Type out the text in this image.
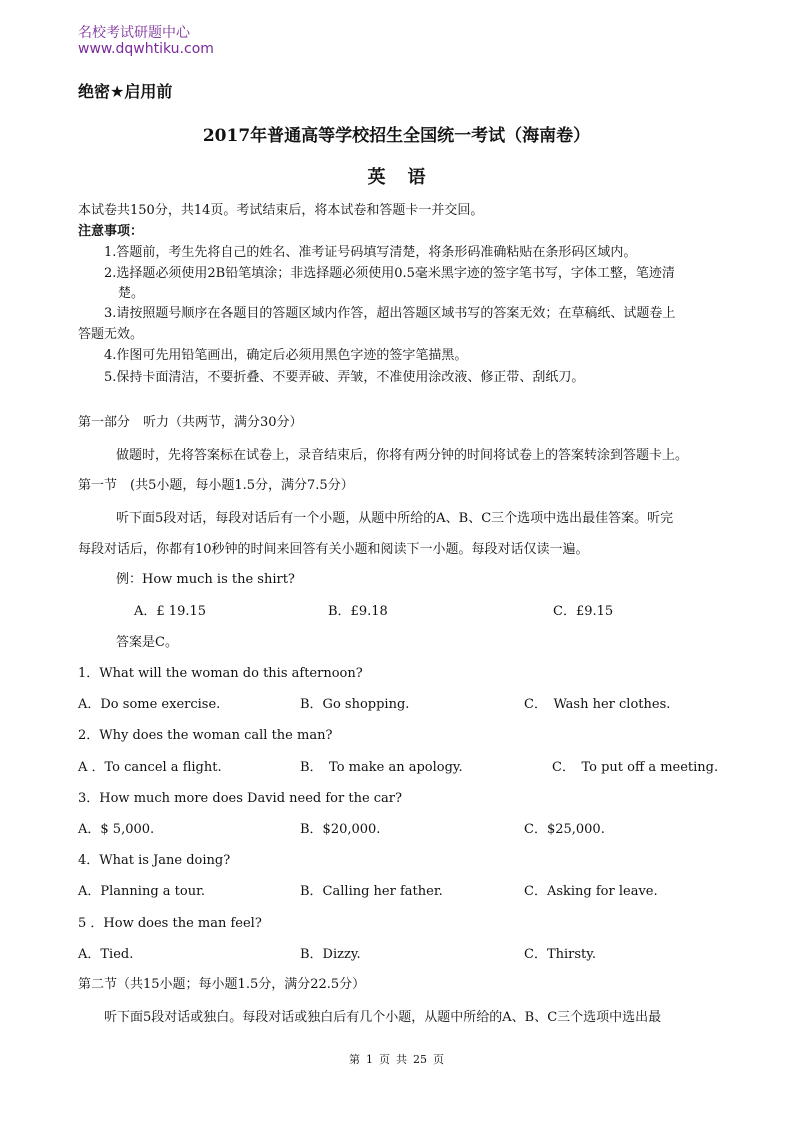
名校考试研题中心
www.dqwhtiku.com
绝密★启用前
2017年普通高等学校招生全国统一考试（海南卷）
英 语
本试卷共150分，共14页。考试结束后，将本试卷和答题卡一并交回。
注意事项：
1.答题前，考生先将自己的姓名、准考证号码填写清楚，将条形码准确粘贴在条形码区域内。
2.选择题必须使用2B铅笔填涂；非选择题必须使用0.5毫米黑字迹的签字笔书写，字体工整，笔迹清
楚。
3.请按照题号顺序在各题目的答题区域内作答，超出答题区域书写的答案无效；在草稿纸、试题卷上
答题无效。
4.作图可先用铅笔画出，确定后必须用黑色字迹的签字笔描黑。
5.保持卡面清洁，不要折叠、不要弄破、弄皱，不准使用涂改液、修正带、刮纸刀。
第一部分　听力（共两节，满分30分）
做题时，先将答案标在试卷上，录音结束后，你将有两分钟的时间将试卷上的答案转涂到答题卡上。
第一节　(共5小题，每小题1.5分，满分7.5分）
听下面5段对话，每段对话后有一个小题，从题中所给的A、B、C三个选项中选出最佳答案。听完
每段对话后，你都有10秒钟的时间来回答有关小题和阅读下一小题。每段对话仅读一遍。
例：How much is the shirt?
A．£ 19.15	B．£9.18	C．£9.15
答案是C。
1．What will the woman do this afternoon?
A．Do some exercise.	B．Go shopping.	C．　Wash her clothes.
2．Why does the woman call the man?
A ．To cancel a flight.	B．　To make an apology.	C．　To put off a meeting.
3．How much more does David need for the car?
A．$ 5,000.	B．$20,000.	C．$25,000.
4．What is Jane doing?
A．Planning a tour.	B．Calling her father.	C．Asking for leave.
5 ．How does the man feel?
A．Tied.	B．Dizzy.	C．Thirsty.
第二节（共15小题；每小题1.5分，满分22.5分）
听下面5段对话或独白。每段对话或独白后有几个小题，从题中所给的A、B、C三个选项中选出最
第 1 页 共 25 页
